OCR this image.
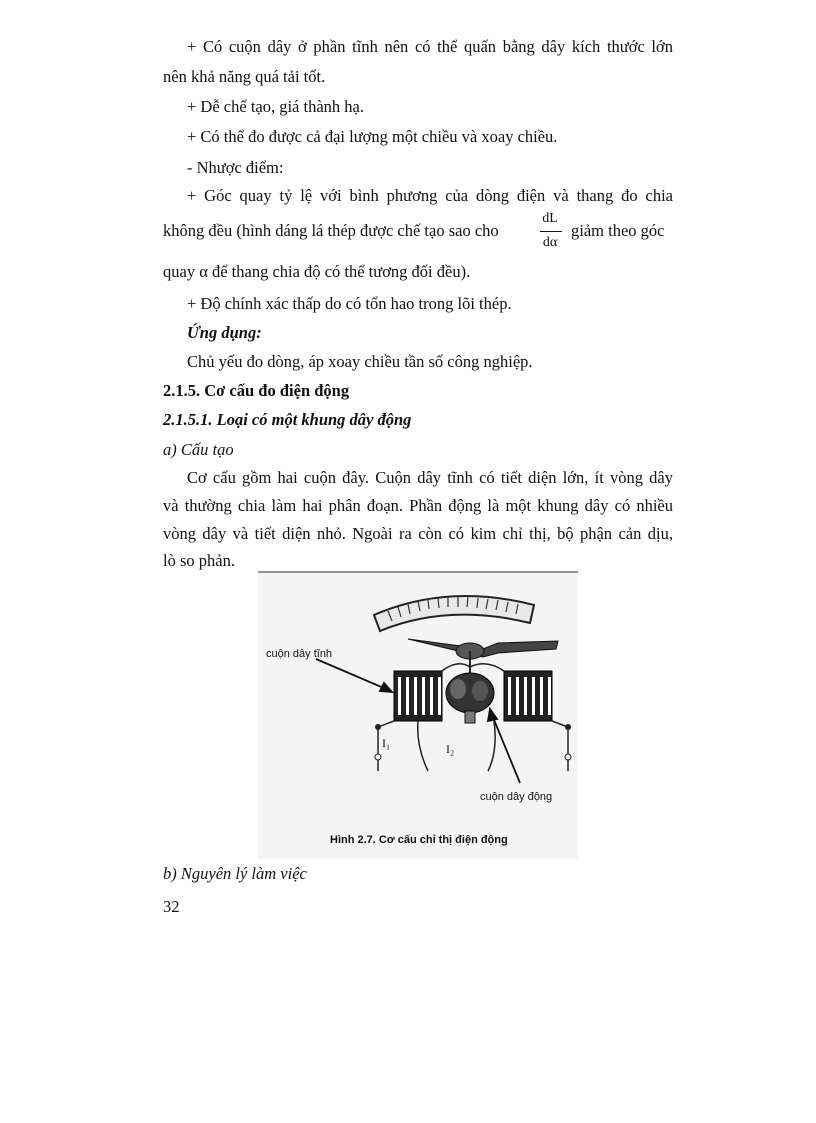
+ Có cuộn dây ở phần tĩnh nên có thể quấn bằng dây kích thước lớn
nên khả năng quá tải tốt.
+ Dễ chế tạo, giá thành hạ.
+ Có thể đo được cả đại lượng một chiều và xoay chiều.
- Nhược điểm:
+ Góc quay tỷ lệ với bình phương của dòng điện và thang đo chia
không đều (hình dáng lá thép được chế tạo sao cho
dL
dα
giảm theo góc
quay α để thang chia độ có thể tương đối đều).
+ Độ chính xác thấp do có tổn hao trong lõi thép.
Ứng dụng:
Chủ yếu đo dòng, áp xoay chiều tần số công nghiệp.
2.1.5. Cơ cấu đo điện động
2.1.5.1. Loại có một khung dây động
a) Cấu tạo
Cơ cấu gồm hai cuộn đây. Cuộn dây tĩnh có tiết diện lớn, ít vòng dây
và thường chia làm hai phân đoạn. Phần động là một khung dây có nhiều
vòng dây và tiết diện nhỏ. Ngoài ra còn có kim chỉ thị, bộ phận cản dịu,
lò so phản.
cuộn dây tĩnh
I₁	I₂
cuộn dây động
Hình 2.7. Cơ cấu chỉ thị điện động
b) Nguyên lý làm việc
32
